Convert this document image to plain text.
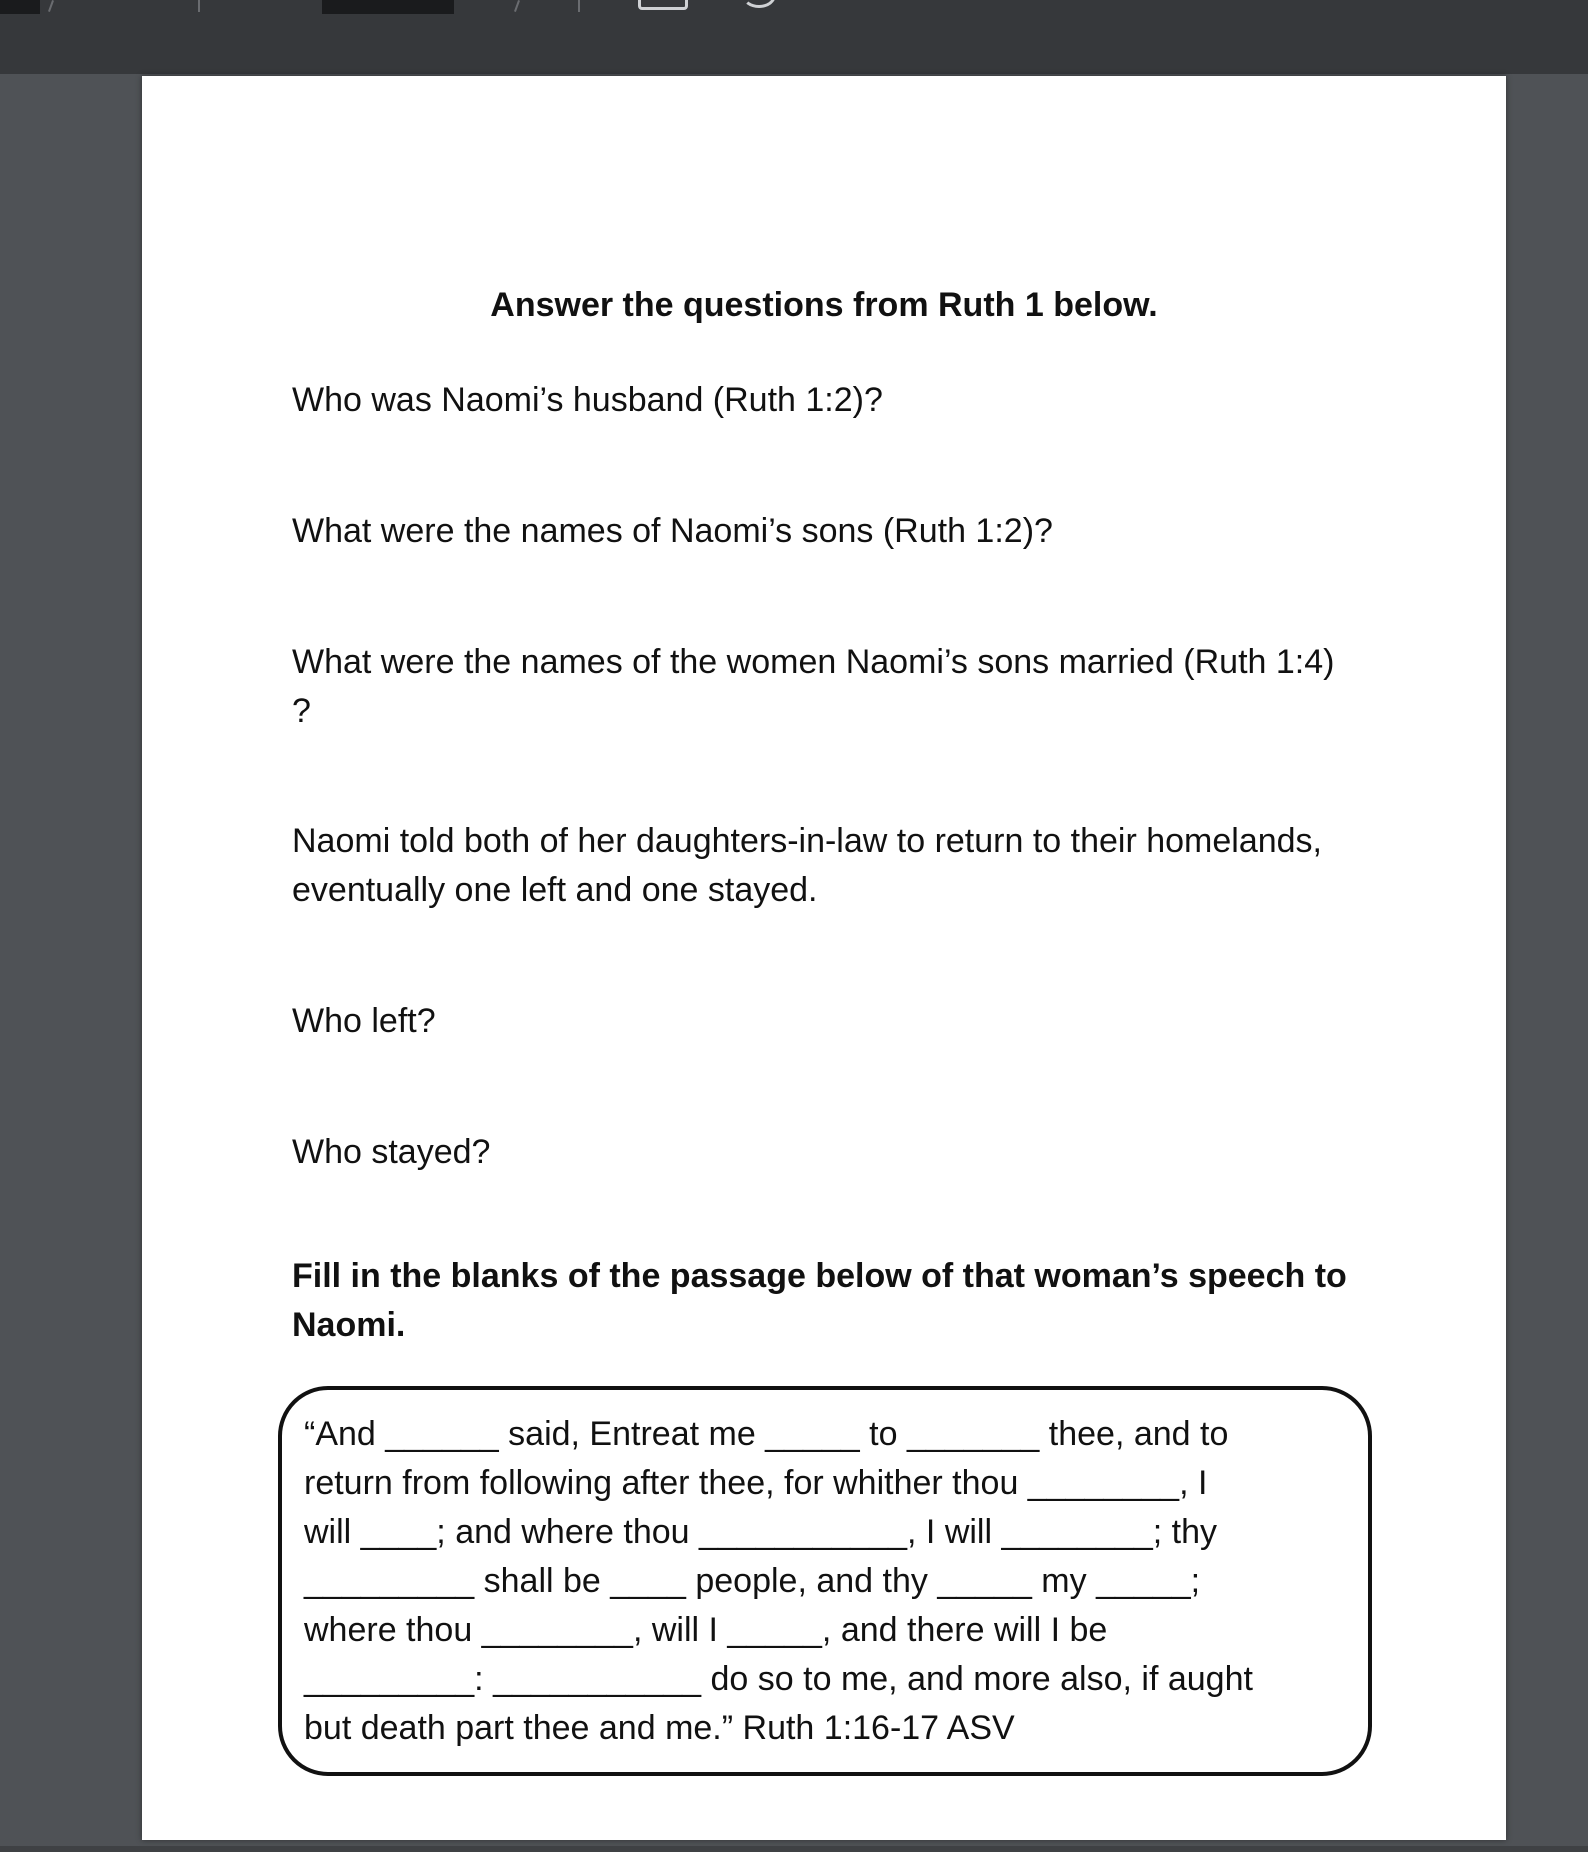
Answer the questions from Ruth 1 below.
Who was Naomi’s husband (Ruth 1:2)?
What were the names of Naomi’s sons (Ruth 1:2)?
What were the names of the women Naomi’s sons married (Ruth 1:4) ?
Naomi told both of her daughters-in-law to return to their homelands, eventually one left and one stayed.
Who left?
Who stayed?
Fill in the blanks of the passage below of that woman’s speech to Naomi.
“And ______ said, Entreat me _____ to _______ thee, and to
return from following after thee, for whither thou ________, I
will ____; and where thou ___________, I will ________; thy
_________ shall be ____ people, and thy _____ my _____;
where thou ________, will I _____, and there will I be
_________: ___________ do so to me, and more also, if aught
but death part thee and me.” Ruth 1:16-17 ASV
